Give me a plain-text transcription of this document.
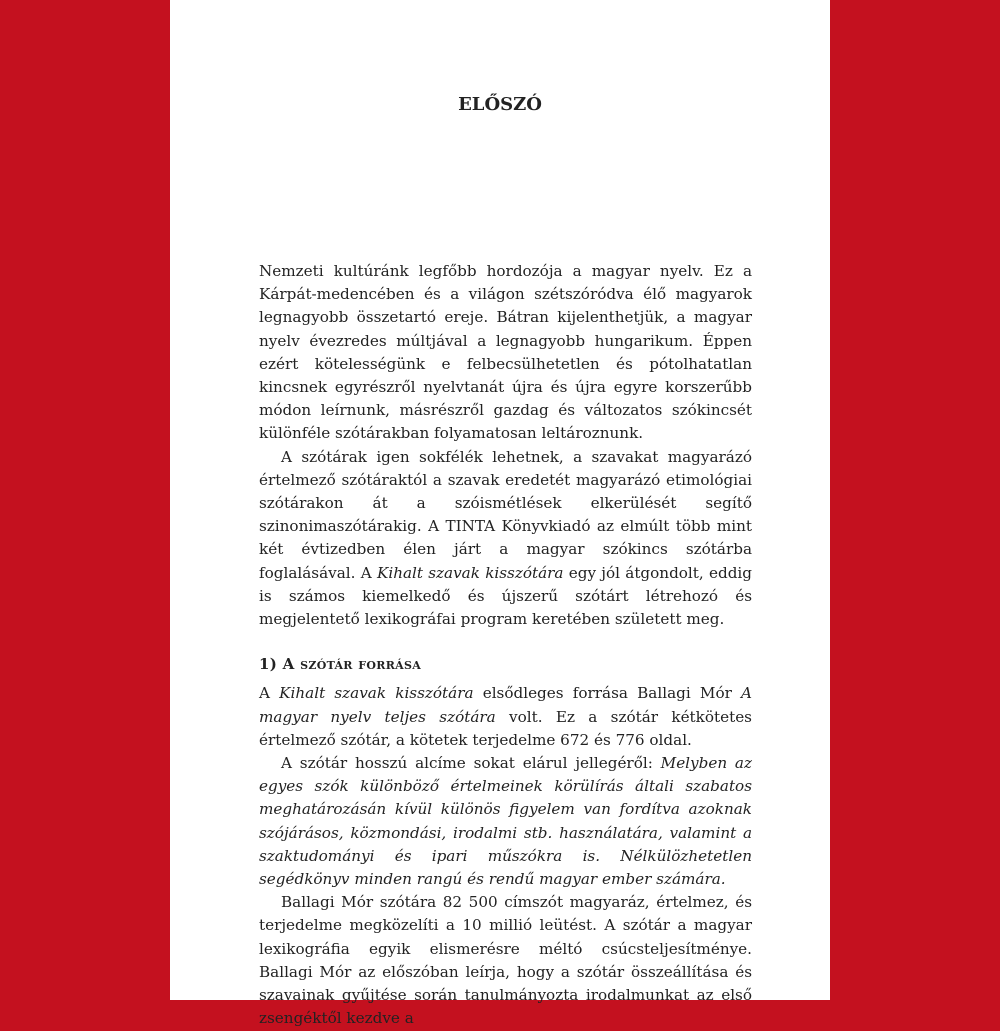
ELŐSZÓ

Nemzeti kultúránk legfőbb hordozója a magyar nyelv. Ez a Kárpát-medencében és a világon szétszóródva élő magyarok legnagyobb összetartó ereje. Bátran kijelenthetjük, a magyar nyelv évezredes múltjával a legnagyobb hungarikum. Éppen ezért kötelességünk e felbecsülhetetlen és pótolhatatlan kincsnek egyrészről nyelvtanát újra és újra egyre korszerűbb módon leírnunk, másrészről gazdag és változatos szókincsét különféle szótárakban folyamatosan leltároznunk.

A szótárak igen sokfélék lehetnek, a szavakat magyarázó értelmező szótáraktól a szavak eredetét magyarázó etimológiai szótárakon át a szóismétlések elkerülését segítő szinonimaszótárakig. A TINTA Könyvkiadó az elmúlt több mint két évtizedben élen járt a magyar szókincs szótárba foglalásával. A Kihalt szavak kisszótára egy jól átgondolt, eddig is számos kiemelkedő és újszerű szótárt létrehozó és megjelentető lexikográfai program keretében született meg.

1) A szótár forrása

A Kihalt szavak kisszótára elsődleges forrása Ballagi Mór A magyar nyelv teljes szótára volt. Ez a szótár kétkötetes értelmező szótár, a kötetek terjedelme 672 és 776 oldal.

A szótár hosszú alcíme sokat elárul jellegéről: Melyben az egyes szók különböző értelmeinek körülírás általi szabatos meghatározásán kívül különös figyelem van fordítva azoknak szójárásos, közmondási, irodalmi stb. használatára, valamint a szaktudományi és ipari műszókra is. Nélkülözhetetlen segédkönyv minden rangú és rendű magyar ember számára.

Ballagi Mór szótára 82 500 címszót magyaráz, értelmez, és terjedelme megközelíti a 10 millió leütést. A szótár a magyar lexikográfia egyik elismerésre méltó csúcsteljesítménye. Ballagi Mór az előszóban leírja, hogy a szótár összeállítása és szavainak gyűjtése során tanulmányozta irodalmunkat az első zsengéktől kezdve a
